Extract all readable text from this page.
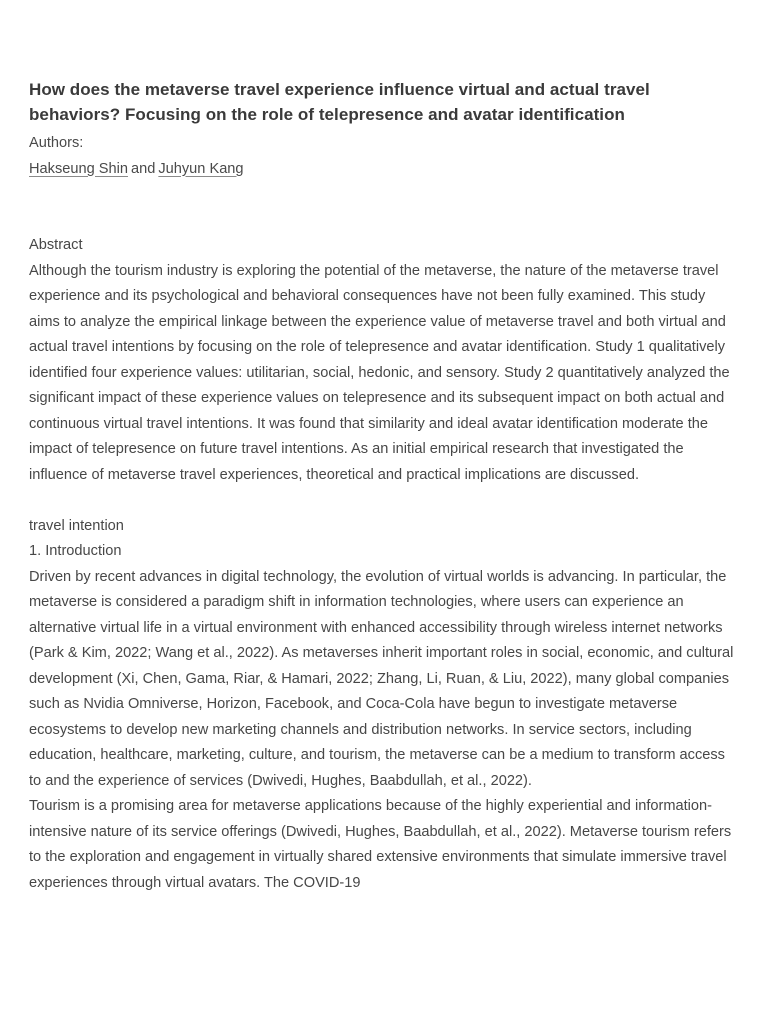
How does the metaverse travel experience influence virtual and actual travel behaviors? Focusing on the role of telepresence and avatar identification
Authors:
Hakseung Shin and Juhyun Kang
Abstract

Although the tourism industry is exploring the potential of the metaverse, the nature of the metaverse travel experience and its psychological and behavioral consequences have not been fully examined. This study aims to analyze the empirical linkage between the experience value of metaverse travel and both virtual and actual travel intentions by focusing on the role of telepresence and avatar identification. Study 1 qualitatively identified four experience values: utilitarian, social, hedonic, and sensory. Study 2 quantitatively analyzed the significant impact of these experience values on telepresence and its subsequent impact on both actual and continuous virtual travel intentions. It was found that similarity and ideal avatar identification moderate the impact of telepresence on future travel intentions. As an initial empirical research that investigated the influence of metaverse travel experiences, theoretical and practical implications are discussed.

travel intention
1. Introduction

Driven by recent advances in digital technology, the evolution of virtual worlds is advancing. In particular, the metaverse is considered a paradigm shift in information technologies, where users can experience an alternative virtual life in a virtual environment with enhanced accessibility through wireless internet networks (Park & Kim, 2022; Wang et al., 2022). As metaverses inherit important roles in social, economic, and cultural development (Xi, Chen, Gama, Riar, & Hamari, 2022; Zhang, Li, Ruan, & Liu, 2022), many global companies such as Nvidia Omniverse, Horizon, Facebook, and Coca-Cola have begun to investigate metaverse ecosystems to develop new marketing channels and distribution networks. In service sectors, including education, healthcare, marketing, culture, and tourism, the metaverse can be a medium to transform access to and the experience of services (Dwivedi, Hughes, Baabdullah, et al., 2022).

Tourism is a promising area for metaverse applications because of the highly experiential and information-intensive nature of its service offerings (Dwivedi, Hughes, Baabdullah, et al., 2022). Metaverse tourism refers to the exploration and engagement in virtually shared extensive environments that simulate immersive travel experiences through virtual avatars. The COVID-19
